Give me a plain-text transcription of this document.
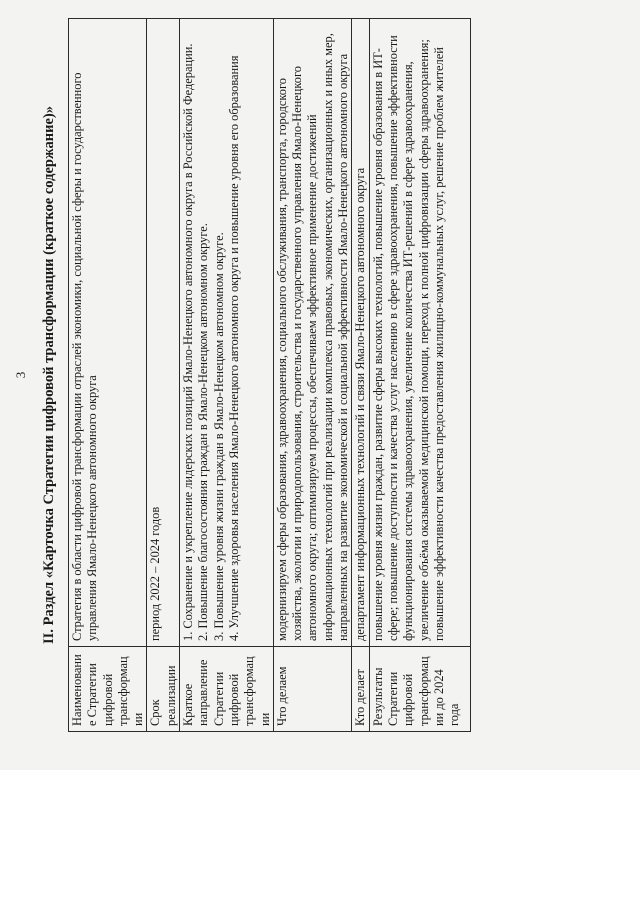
3 II. Раздел «Карточка Стратегии цифровой трансформации (краткое содержание)»
Наименование Стратегии цифровой трансформации	Стратегия в области цифровой трансформации отраслей экономики, социальной сферы и государственного управления Ямало-Ненецкого автономного округа
Срок реализации	период 2022 – 2024 годов
Краткое направление Стратегии цифровой трансформации	1. Сохранение и укрепление лидерских позиций Ямало-Ненецкого автономного округа в Российской Федерации. 2. Повышение благосостояния граждан в Ямало-Ненецком автономном округе. 3. Повышение уровня жизни граждан в Ямало-Ненецком автономном округе. 4. Улучшение здоровья населения Ямало-Ненецкого автономного округа и повышение уровня его образования

Что делаем	модернизируем сферы образования, здравоохранения, социального обслуживания, транспорта, городского хозяйства, экологии и природопользования, строительства и государственного управления Ямало-Ненецкого автономного округа; оптимизируем процессы, обеспечиваем эффективное применение достижений информационных технологий при реализации комплекса правовых, экономических, организационных и иных мер, направленных на развитие экономической и социальной эффективности Ямало-Ненецкого автономного округа
Кто делает	департамент информационных технологий и связи Ямало-Ненецкого автономного округа
Результаты Стратегии цифровой трансформации до 2024 года	повышение уровня жизни граждан, развитие сферы высоких технологий, повышение уровня образования в ИТ-сфере; повышение доступности и качества услуг населению в сфере здравоохранения, повышение эффективности функционирования системы здравоохранения, увеличение количества ИТ-решений в сфере здравоохранения, увеличение объёма оказываемой медицинской помощи, переход к полной цифровизации сферы здравоохранения; повышение эффективности качества предоставления жилищно-коммунальных услуг, решение проблем жителей
